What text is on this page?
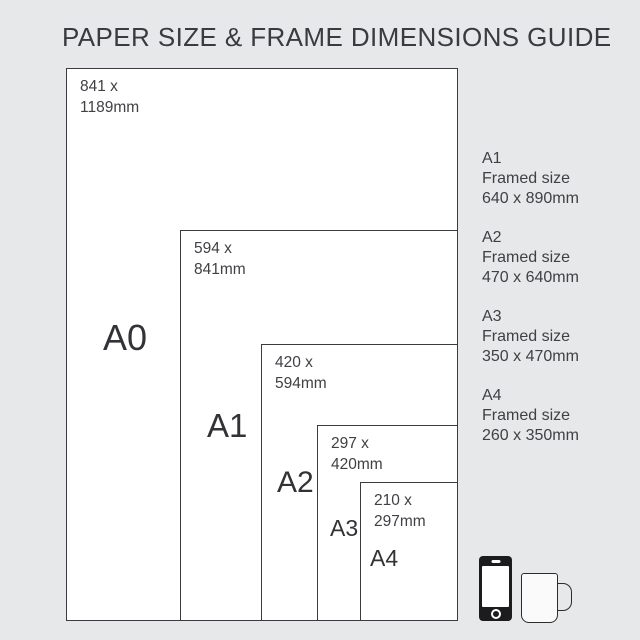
PAPER SIZE & FRAME DIMENSIONS GUIDE
841 x
1189mm
A0
594 x
841mm
A1
420 x
594mm
A2
297 x
420mm
A3
210 x
297mm
A4
A1
Framed size
640 x 890mm
A2
Framed size
470 x 640mm
A3
Framed size
350 x 470mm
A4
Framed size
260 x 350mm
